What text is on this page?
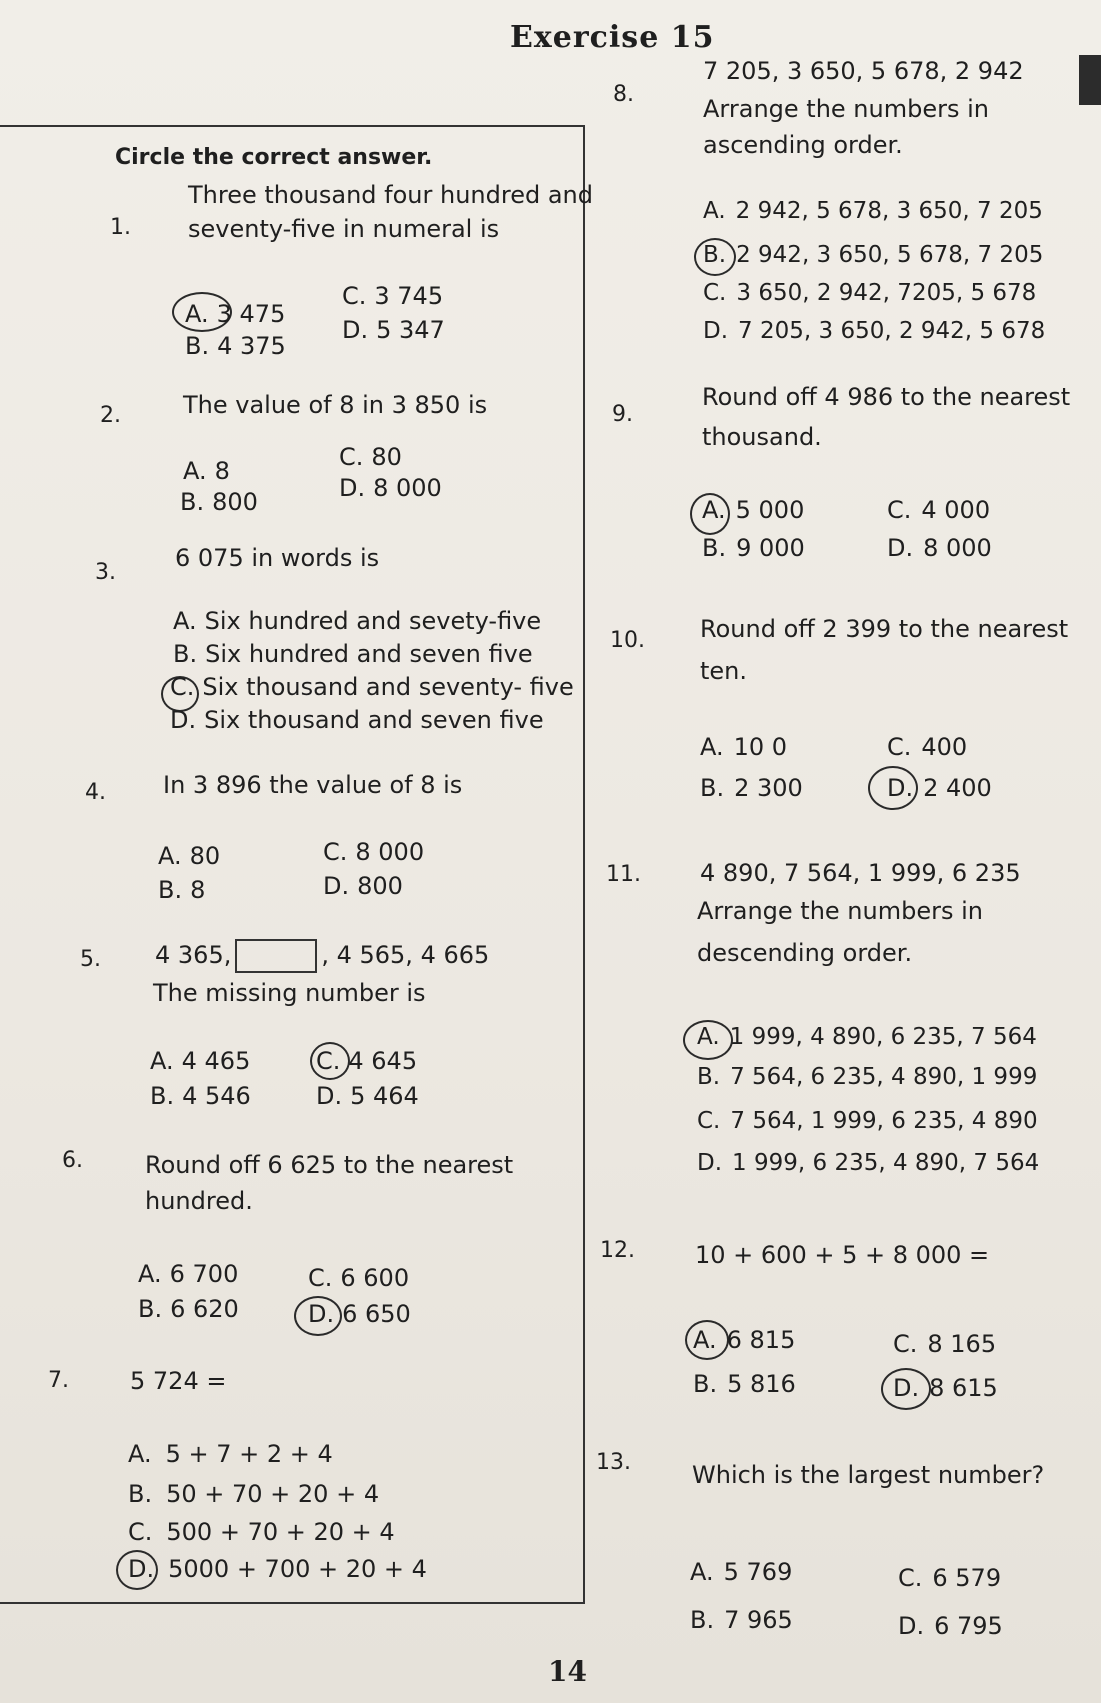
Exercise 15
Circle the correct answer.
1.
Three thousand four hundred and
seventy-five in numeral is
A. 3 475
B. 4 375
C. 3 745
D. 5 347
2.	The value of 8 in 3 850 is
A. 8
B. 800
C. 80
D. 8 000
3.
6 075 in words is
A. Six hundred and sevety-five
B. Six hundred and seven five
C. Six thousand and seventy- five
D. Six thousand and seven five
4. In 3 896 the value of 8 is
A. 80
B. 8
C. 8 000
D. 800
5. 4 365,	, 4 565, 4 665
The missing number is
A. 4 465
B. 4 546
C. 4 645
D. 5 464
6.	Round off 6 625 to the nearest
hundred.
A. 6 700
B. 6 620
C. 6 600
D. 6 650
7.	5 724 =
A. 5 + 7 + 2 + 4
B. 50 + 70 + 20 + 4
C. 500 + 70 + 20 + 4
D. 5000 + 700 + 20 + 4
8.
7 205, 3 650, 5 678, 2 942
Arrange the numbers in
ascending order.
A. 2 942, 5 678, 3 650, 7 205
B. 2 942, 3 650, 5 678, 7 205
C. 3 650, 2 942, 7205, 5 678
D. 7 205, 3 650, 2 942, 5 678
9.
Round off 4 986 to the nearest
thousand.
A. 5 000
B. 9 000
C. 4 000
D. 8 000
10. Round off 2 399 to the nearest
ten.
A. 10 0
B. 2 300
C. 400
D. 2 400
11. 4 890, 7 564, 1 999, 6 235
Arrange the numbers in
descending order.
A. 1 999, 4 890, 6 235, 7 564
B. 7 564, 6 235, 4 890, 1 999
C. 7 564, 1 999, 6 235, 4 890
D. 1 999, 6 235, 4 890, 7 564
12.	10 + 600 + 5 + 8 000 =
A. 6 815
B. 5 816
C. 8 165
D. 8 615
13.	Which is the largest number?
A. 5 769
B. 7 965
C. 6 579
D. 6 795
14
